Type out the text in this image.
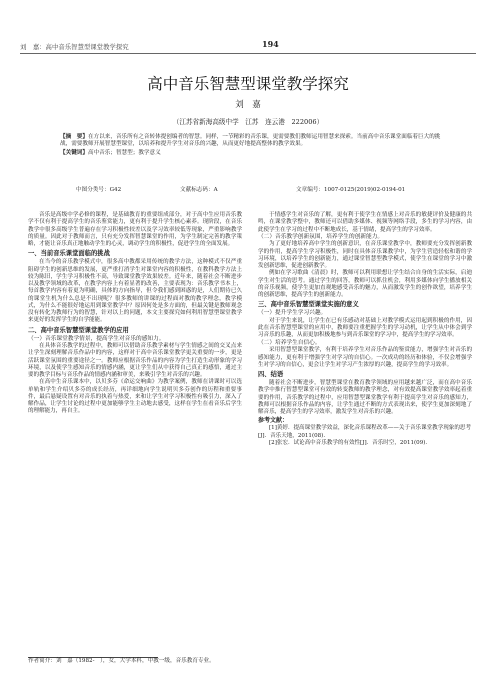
刘　嘉：高中音乐智慧型课堂教学探究	194
高中音乐智慧型课堂教学探究
刘　嘉
（江苏省新海高级中学　江苏　连云港　222006）
【摘　要】在方以来，音乐所有之音转体提创编者的智慧。同样，一节精彩的音乐课，更需要教们教师运用智慧来探索。当前高中音乐课堂面临着巨大的挑战，需要教师开展智慧型课堂，以培养和提升学生对音乐的兴趣，从而更好地提高整体的教学效果。
【关键词】高中音乐；智慧型；教学意义
中图分类号：G42	文献标志码：A	文章编号：1007-0125(2019)02-0194-01

音乐是高级中学必修的课程，是基础教育的重要组成部分，对于高中生应用音乐教学不仅有利于提高学生的音乐鉴赏能力，更有利于提升学生核心素养。现阶段，在音乐教学中很多高级学生普遍存在学习积极性较差以及学习效率较低等现象，严重影响教学的质量。因此对于教师而言，只有充分发挥智慧课堂的作用，为学生制定完善的教学策略，才能让音乐真正地触动学生的心灵，调动学生的积极性，促进学生的全面发展。

一、当前音乐课堂面临的挑战

在当今的音乐教学模式中，很多高中教都采用传统的教学方法，这种模式不仅严重阻碍学生的创新思维的发展，更严重打消学生对课堂内容的积极性，在教科教学方法上较为陈旧，学生学习积极性不高，导致课堂教学效果较差。近年来，随着社会不断进步以及教学领域的改革，在教学内容上有着显著的改善，主要表现为：音乐教学书本上，每首教学内容有着更为明确，具体的方向指导，但令我们感到困惑的是，人们期待已久的课堂生机为什么总是不出现呢？很多教师的讲课的过程面对教的教学理念，教学模式，为什么不能很好地运用到课堂教学中？原因何处是多方面的，但最关键是教师观念没有转化为教师行为的智慧，针对以上的问题，本文主要探究如何利用智慧型课堂教学来更好的发挥学生的自学能能。

二、高中音乐智慧型课堂教学的应用
（一）音乐课堂教学情景，提高学生对音乐的感知力。

在具体音乐教学的过程中，教师可以借助音乐教学素材与学生情感之间的交叉点来让学生深刻理解音乐作品中的内容，这样对于高中音乐课堂教学更关重要的一步，更是活跃课堂氛围的重要途径之一。教师应根据音乐作品的内容为学生打造生动形象的学习环境，以及使学生感知音乐的情感内涵，更让学生们从中获得自己真正的感悟，通过主要的教学目标与音乐作品的情感内涵和审美，来吸引学生对音乐的兴趣。

在高中生音乐课本中，以贝多芬《命运交响曲》为教学案例，教师在讲课时可以选单轨和学生介绍贝多芬的成长经历，再详细地向学生说明贝多芬创作的历程和重要事件，最后悬疑设置有对音乐的执着与热爱，来和让学生对学习积极性有吸引力，深入了解作品，让学生讨论的过程中更加能够学生主动地去感受，这样在学生在看音乐后学生的理解能力，再自主。

于情感学生对音乐的了解，更有利于使学生在情感上对音乐的敏捷评价及健康的共鸣，在课堂教学整中，教师还可以借助多媒体、视频等网络手段，多生的学习内容，由此使学生在学习的过程中不断地成长，基于情绪，提高学生的学习效率。

（二）音乐教学创新氛围，培养学生的创新能力。

为了更好地培养高中学生的创新意识，在音乐课堂教学中，教师要充分发挥创新教学的作用，提高学生学习积极性，同时在具体音乐课教学中，为学生营造轻松和谐的学习环境，以培养学生的创新能力，通过课堂智慧型教学模式，使学生在课堂的学习中激发创新思维，促进创新教学。

例如在学习歌曲《清晨》时，教师可以利用联想让学生结合自身的生活实际，启迪学生对生活的思考。通过学生的回答，教师可以抓住机会，利用多媒体向学生播放相关的音乐视频，使学生更加直观地感受音乐的魅力，从而激发学生的创作欲望，培养学生的创新思维，提高学生的创新能力。

三、高中音乐智慧型课堂实施的意义
（一）提升学生学习兴趣。

对于学生来说，让学生在已有乐感动对基础上对教学模式运用起到积极的作用，因此在音乐智慧型课堂的应用中，教师要注重把握学生的学习动机，让学生从中体会到学习音乐的乐趣，从而更加积极地参与到音乐课堂的学习中，提高学生的学习效率。

（二）培养学生自信心。

采用智慧型课堂教学，有利于培养学生对音乐作品的鉴赏能力，增强学生对音乐的感知能力，更有利于增强学生对学习的自信心。一次成功的经历和体验，不仅会增强学生对学习的自信心，更会让学生对学习产生浓厚的兴趣，提高学生的学习效率。

四、结语

随着社会不断进步，智慧型课堂在教育教学领域的应用越来越广泛，而在高中音乐教学中推行智慧型课堂可有效的转变教师的教学理念，对有效提高课堂教学效率起着重要的作用，音乐教学的过程中，应用智慧型课堂教学有利于提高学生对音乐的感知力，教师可以根据音乐作品的内容，让学生通过不断的方式表现出来，使学生更加深刻地了解音乐，提高学生的学习效率，激发学生对音乐的兴趣。

参考文献：
[1]黄婷．提高课堂教学效益，深化音乐课程改革——关于音乐课堂教学现象的思考[J]．音乐天地，2011(08).
[2]张宏．试论高中音乐教学的有效性[J]．音乐时空，2011(09).
作者简介：刘　嘉（1982-　），女，大学本科，中教一级，音乐教育专业。
